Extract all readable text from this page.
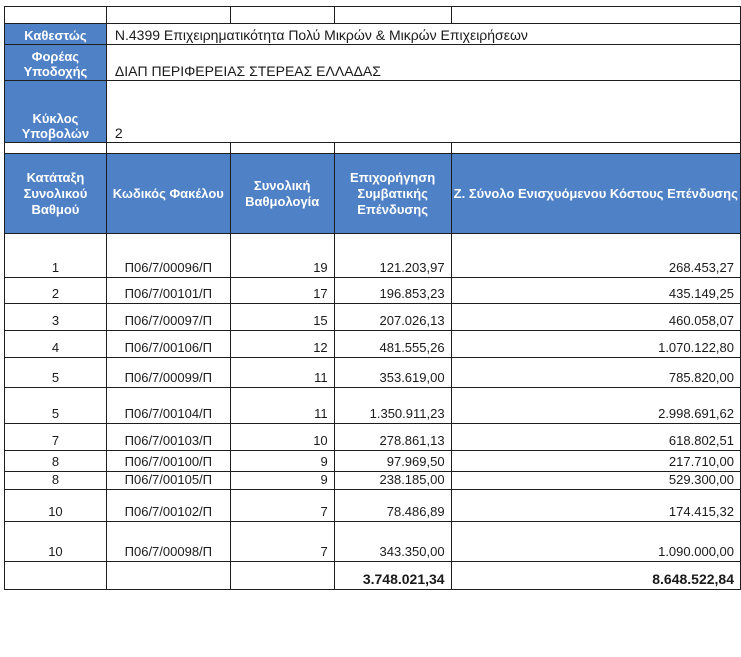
Καθεστώς	Ν.4399 Επιχειρηματικότητα Πολύ Μικρών & Μικρών Επιχειρήσεων			
Φορέας Υποδοχής	ΔΙΑΠ ΠΕΡΙΦΕΡΕΙΑΣ ΣΤΕΡΕΑΣ ΕΛΛΑΔΑΣ			
Κύκλος Υποβολών	2			

Κατάταξη Συνολικού Βαθμού	Κωδικός Φακέλου	Συνολική Βαθμολογία	Επιχορήγηση Συμβατικής Επένδυσης	Ζ. Σύνολο Ενισχυόμενου Κόστους Επένδυσης
1	Π06/7/00096/Π	19	121.203,97	268.453,27
2	Π06/7/00101/Π	17	196.853,23	435.149,25
3	Π06/7/00097/Π	15	207.026,13	460.058,07
4	Π06/7/00106/Π	12	481.555,26	1.070.122,80
5	Π06/7/00099/Π	11	353.619,00	785.820,00
5	Π06/7/00104/Π	11	1.350.911,23	2.998.691,62
7	Π06/7/00103/Π	10	278.861,13	618.802,51
8	Π06/7/00100/Π	9	97.969,50	217.710,00
8	Π06/7/00105/Π	9	238.185,00	529.300,00
10	Π06/7/00102/Π	7	78.486,89	174.415,32
10	Π06/7/00098/Π	7	343.350,00	1.090.000,00
			3.748.021,34	8.648.522,84
